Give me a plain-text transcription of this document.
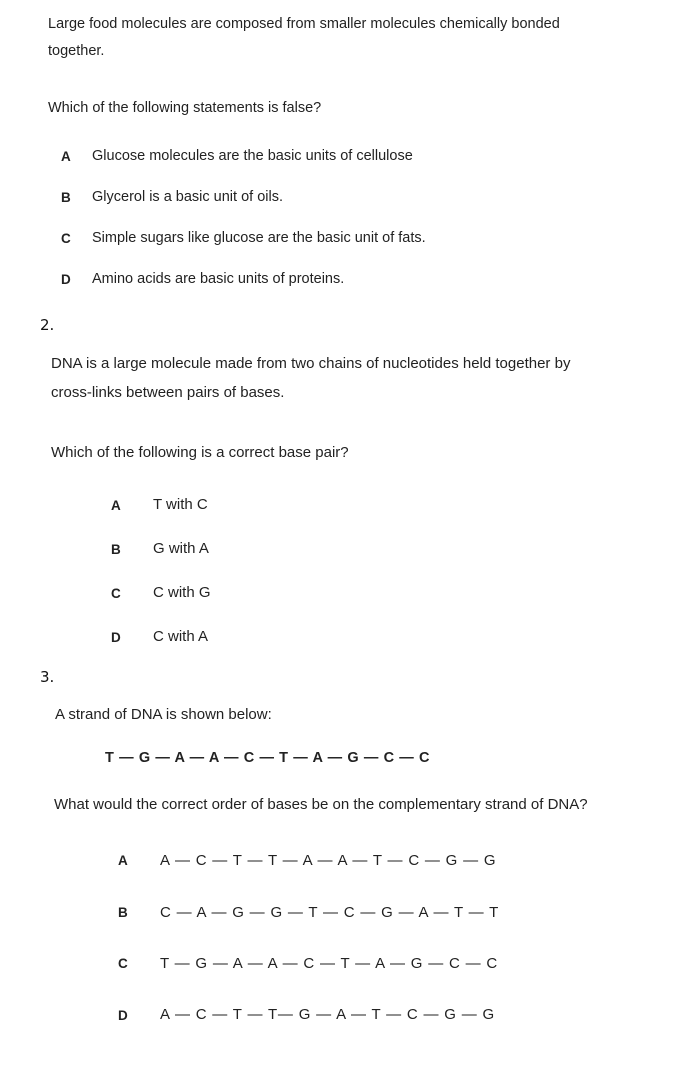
Large food molecules are composed from smaller molecules chemically bonded
together.
Which of the following statements is false?
A Glucose molecules are the basic units of cellulose
B Glycerol is a basic unit of oils.
C Simple sugars like glucose are the basic unit of fats.
D Amino acids are basic units of proteins.
2.
DNA is a large molecule made from two chains of nucleotides held together by
cross-links between pairs of bases.
Which of the following is a correct base pair?
A T with C
B G with A
C C with G
D C with A
3.
A strand of DNA is shown below:
T — G — A — A — C — T — A — G — C — C
What would the correct order of bases be on the complementary strand of DNA?
A A — C — T — T — A — A — T — C — G — G
B C — A — G — G — T — C — G — A — T — T
C T — G — A — A — C — T — A — G — C — C
D A — C — T — T— G — A — T — C — G — G
